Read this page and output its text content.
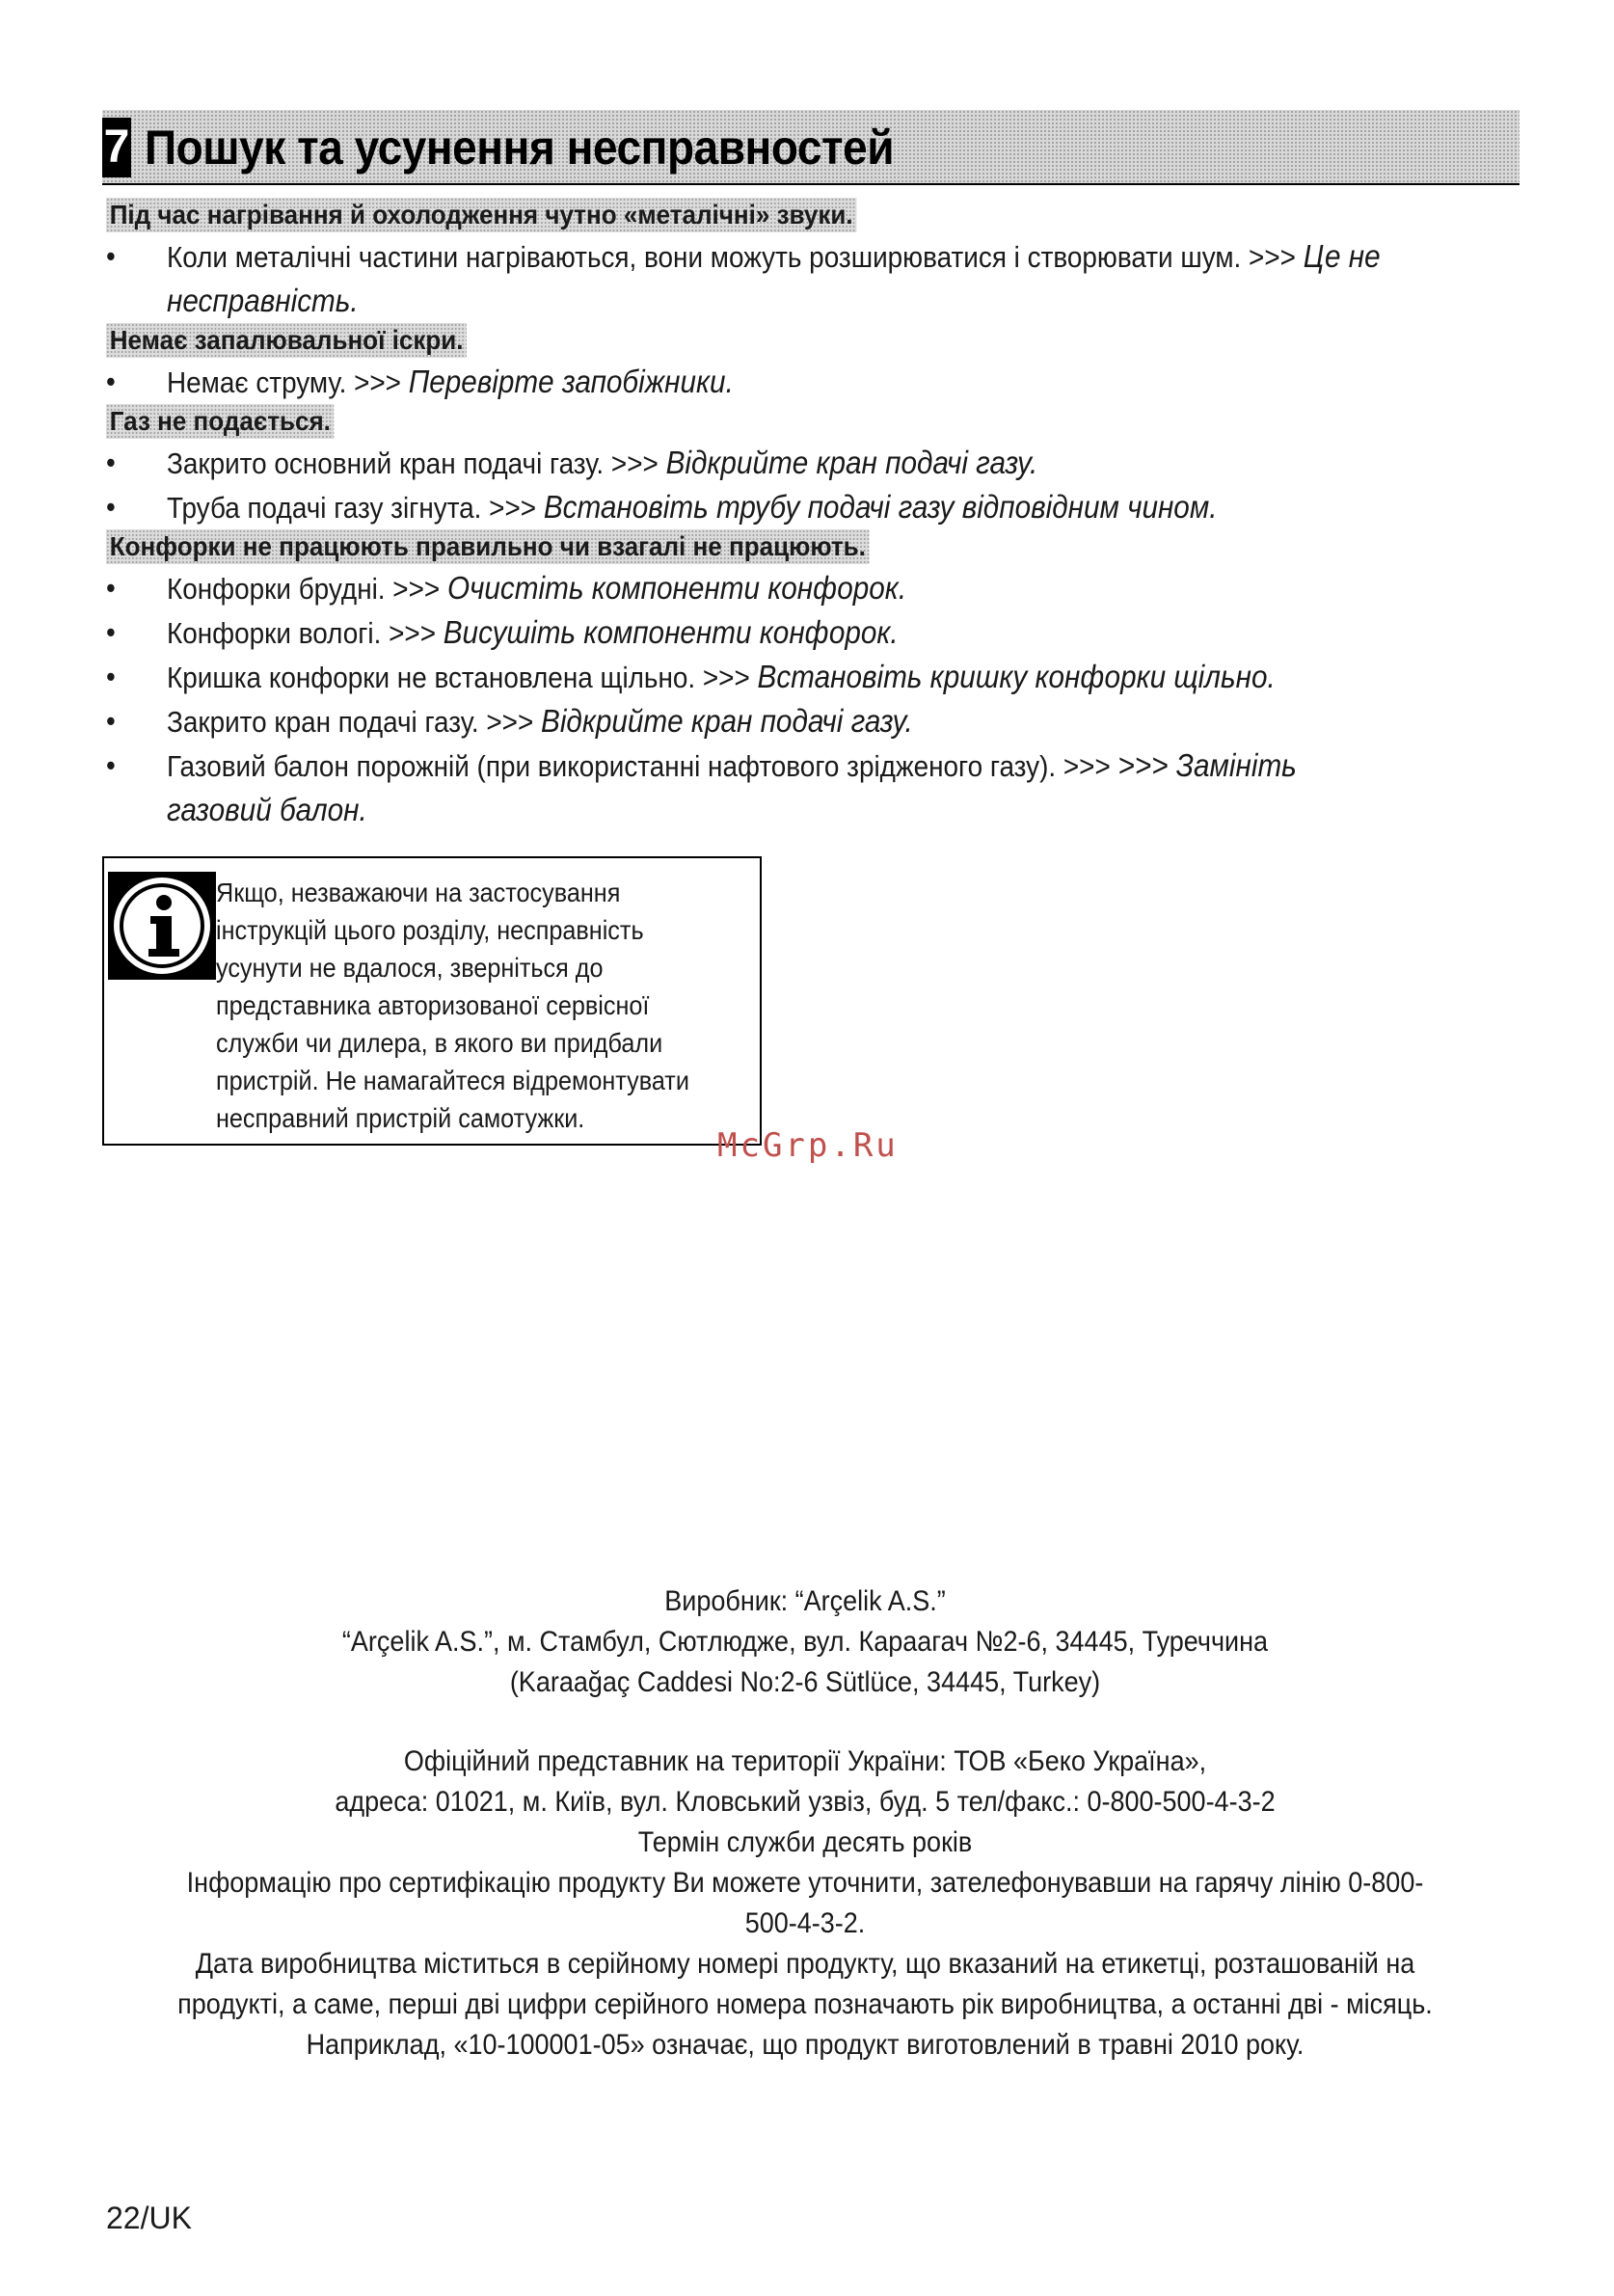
7 Пошук та усунення несправностей
Під час нагрівання й охолодження чутно «металічні» звуки.
• Коли металічні частини нагріваються, вони можуть розширюватися і створювати шум. >>> Це не несправність.
Немає запалювальної іскри.
• Немає струму. >>> Перевірте запобіжники.
Газ не подається.
• Закрито основний кран подачі газу. >>> Відкрийте кран подачі газу.
• Труба подачі газу зігнута. >>> Встановіть трубу подачі газу відповідним чином.
Конфорки не працюють правильно чи взагалі не працюють.
• Конфорки брудні. >>> Очистіть компоненти конфорок.
• Конфорки вологі. >>> Висушіть компоненти конфорок.
• Кришка конфорки не встановлена щільно. >>> Встановіть кришку конфорки щільно.
• Закрито кран подачі газу. >>> Відкрийте кран подачі газу.
• Газовий балон порожній (при використанні нафтового зрідженого газу). >>> >>> Замініть газовий балон.
Якщо, незважаючи на застосування
інструкцій цього розділу, несправність
усунути не вдалося, зверніться до
представника авторизованої сервісної
служби чи дилера, в якого ви придбали
пристрій. Не намагайтеся відремонтувати
несправний пристрій самотужки.
McGrp.Ru
Виробник: “Arçelik A.S.”
“Arçelik A.S.”, м. Стамбул, Сютлюдже, вул. Караагач №2-6, 34445, Туреччина
(Karaağaç Caddesi No:2-6 Sütlüce, 34445, Turkey)
Офіційний представник на території України: ТОВ «Беко Україна»,
адреса: 01021, м. Київ, вул. Кловський узвіз, буд. 5 тел/факс.: 0-800-500-4-3-2
Термін служби десять років
Інформацію про сертифікацію продукту Ви можете уточнити, зателефонувавши на гарячу лінію 0-800-
500-4-3-2.
Дата виробництва міститься в серійному номері продукту, що вказаний на етикетці, розташованій на
продукті, а саме, перші дві цифри серійного номера позначають рік виробництва, а останні дві - місяць.
Наприклад, «10-100001-05» означає, що продукт виготовлений в травні 2010 року.
22/UK
